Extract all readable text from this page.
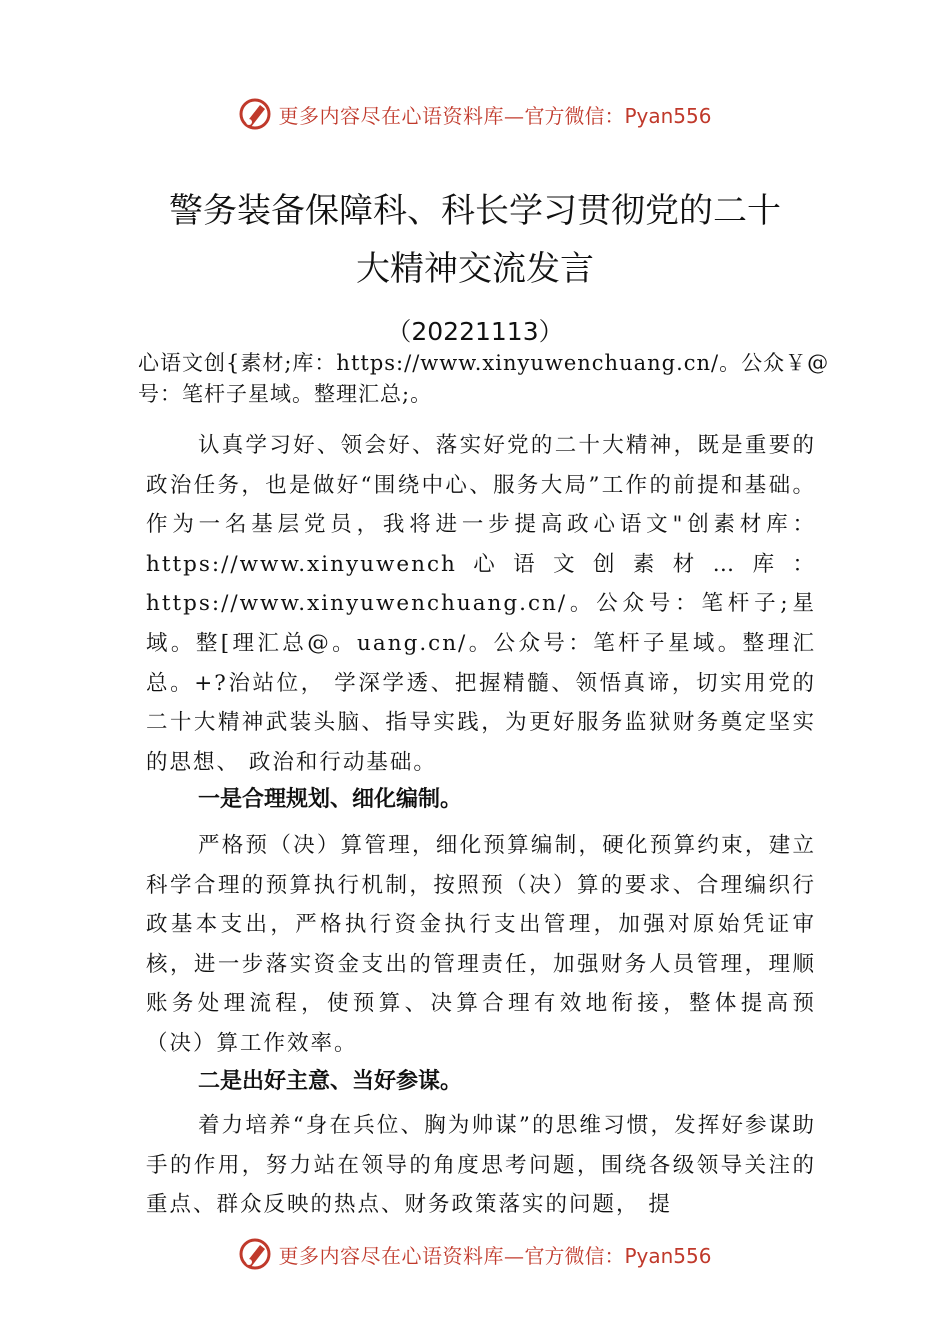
更多内容尽在心语资料库— 官方微信：Pyan556
警务装备保障科、科长学习贯彻党的二十
大精神交流发言
（20221113）
心语文创{素材;库：https://www.xinyuwenchuang.cn/。公众￥@号：笔杆子星域。整理汇总;。

认真学习好、领会好、落实好党的二十大精神，既是重要的政治任务，也是做好“围绕中心、服务大局”工作的前提和基础。作为一名基层党员，我将进一步提高政心语文"创素材库：https://www.xinyuwench心语文创素材…库：https://www.xinyuwenchuang.cn/。公众号：笔杆子;星域。整[理汇总@。uang.cn/。公众号：笔杆子星域。整理汇总。+?治站位， 学深学透、把握精髓、领悟真谛，切实用党的二十大精神武装头脑、指导实践，为更好服务监狱财务奠定坚实的思想、 政治和行动基础。

一是合理规划、细化编制。

严格预（决）算管理，细化预算编制，硬化预算约束，建立科学合理的预算执行机制，按照预（决）算的要求、合理编织行政基本支出，严格执行资金执行支出管理，加强对原始凭证审核，进一步落实资金支出的管理责任，加强财务人员管理，理顺账务处理流程，使预算、决算合理有效地衔接，整体提高预（决）算工作效率。

二是出好主意、当好参谋。

着力培养“身在兵位、胸为帅谋”的思维习惯，发挥好参谋助手的作用，努力站在领导的角度思考问题，围绕各级领导关注的重点、群众反映的热点、财务政策落实的问题， 提

更多内容尽在心语资料库— 官方微信：Pyan556
